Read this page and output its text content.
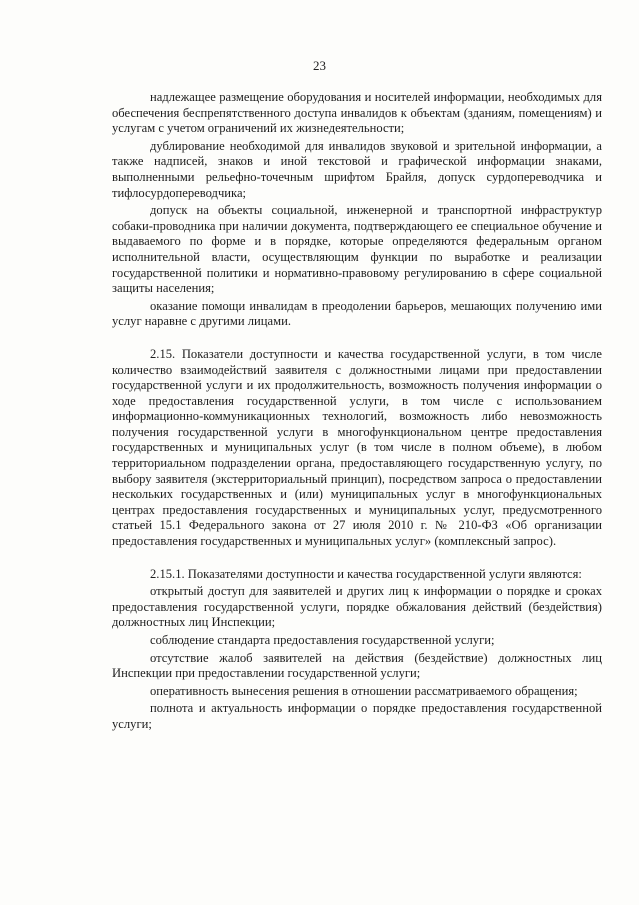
23

надлежащее размещение оборудования и носителей информации, необходимых для обеспечения беспрепятственного доступа инвалидов к объектам (зданиям, помещениям) и услугам с учетом ограничений их жизнедеятельности;

дублирование необходимой для инвалидов звуковой и зрительной информации, а также надписей, знаков и иной текстовой и графической информации знаками, выполненными рельефно-точечным шрифтом Брайля, допуск сурдопереводчика и тифлосурдопереводчика;

допуск на объекты социальной, инженерной и транспортной инфраструктур собаки-проводника при наличии документа, подтверждающего ее специальное обучение и выдаваемого по форме и в порядке, которые определяются федеральным органом исполнительной власти, осуществляющим функции по выработке и реализации государственной политики и нормативно-правовому регулированию в сфере социальной защиты населения;

оказание помощи инвалидам в преодолении барьеров, мешающих получению ими услуг наравне с другими лицами.

2.15. Показатели доступности и качества государственной услуги, в том числе количество взаимодействий заявителя с должностными лицами при предоставлении государственной услуги и их продолжительность, возможность получения информации о ходе предоставления государственной услуги, в том числе с использованием информационно-коммуникационных технологий, возможность либо невозможность получения государственной услуги в многофункциональном центре предоставления государственных и муниципальных услуг (в том числе в полном объеме), в любом территориальном подразделении органа, предоставляющего государственную услугу, по выбору заявителя (экстерриториальный принцип), посредством запроса о предоставлении нескольких государственных и (или) муниципальных услуг в многофункциональных центрах предоставления государственных и муниципальных услуг, предусмотренного статьей 15.1 Федерального закона от 27 июля 2010 г. № 210-ФЗ «Об организации предоставления государственных и муниципальных услуг» (комплексный запрос).

2.15.1. Показателями доступности и качества государственной услуги являются:

открытый доступ для заявителей и других лиц к информации о порядке и сроках предоставления государственной услуги, порядке обжалования действий (бездействия) должностных лиц Инспекции;

соблюдение стандарта предоставления государственной услуги;

отсутствие жалоб заявителей на действия (бездействие) должностных лиц Инспекции при предоставлении государственной услуги;

оперативность вынесения решения в отношении рассматриваемого обращения;

полнота и актуальность информации о порядке предоставления государственной услуги;
